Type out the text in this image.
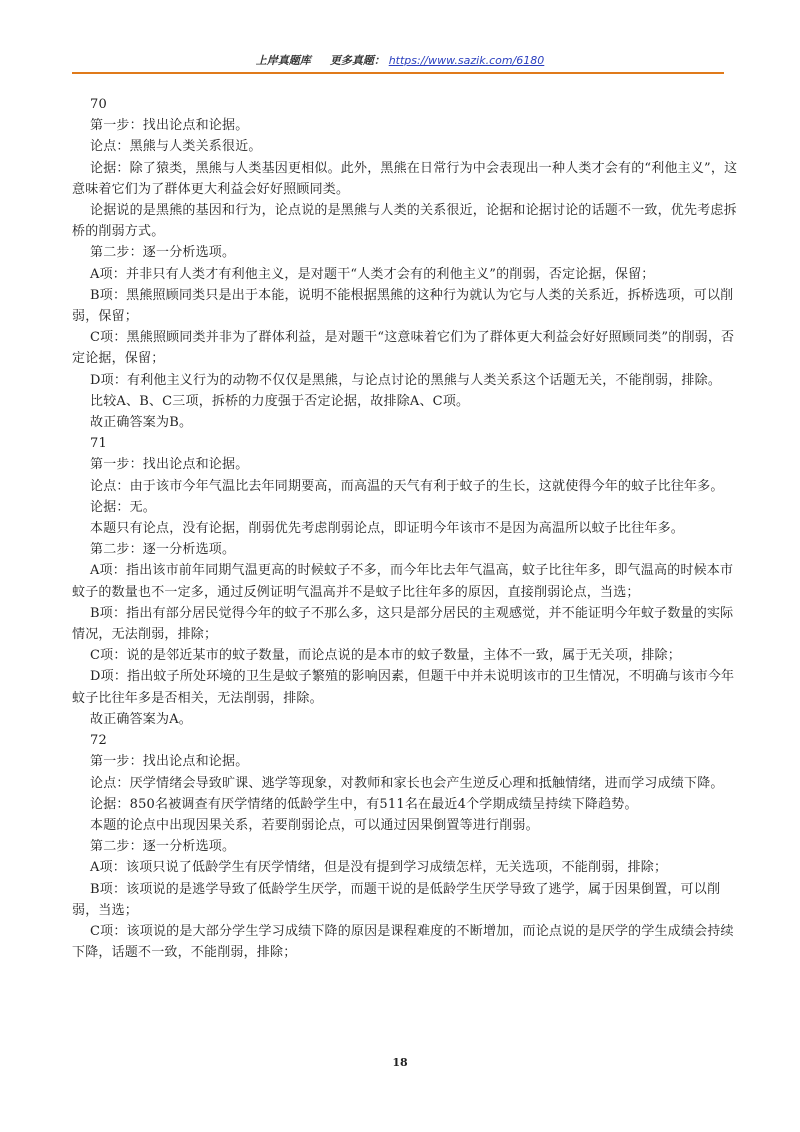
上岸真题库 更多真题： https://www.sazik.com/6180

70

第一步：找出论点和论据。

论点：黑熊与人类关系很近。

论据：除了猿类，黑熊与人类基因更相似。此外，黑熊在日常行为中会表现出一种人类才会有的“利他主义”，这意味着它们为了群体更大利益会好好照顾同类。

论据说的是黑熊的基因和行为，论点说的是黑熊与人类的关系很近，论据和论据讨论的话题不一致，优先考虑拆桥的削弱方式。

第二步：逐一分析选项。

A项：并非只有人类才有利他主义，是对题干“人类才会有的利他主义”的削弱，否定论据，保留；

B项：黑熊照顾同类只是出于本能，说明不能根据黑熊的这种行为就认为它与人类的关系近，拆桥选项，可以削弱，保留；

C项：黑熊照顾同类并非为了群体利益，是对题干“这意味着它们为了群体更大利益会好好照顾同类”的削弱，否定论据，保留；

D项：有利他主义行为的动物不仅仅是黑熊，与论点讨论的黑熊与人类关系这个话题无关，不能削弱，排除。

比较A、B、C三项，拆桥的力度强于否定论据，故排除A、C项。

故正确答案为B。

71

第一步：找出论点和论据。

论点：由于该市今年气温比去年同期要高，而高温的天气有利于蚊子的生长，这就使得今年的蚊子比往年多。

论据：无。

本题只有论点，没有论据，削弱优先考虑削弱论点，即证明今年该市不是因为高温所以蚊子比往年多。

第二步：逐一分析选项。

A项：指出该市前年同期气温更高的时候蚊子不多，而今年比去年气温高，蚊子比往年多，即气温高的时候本市蚊子的数量也不一定多，通过反例证明气温高并不是蚊子比往年多的原因，直接削弱论点，当选；

B项：指出有部分居民觉得今年的蚊子不那么多，这只是部分居民的主观感觉，并不能证明今年蚊子数量的实际情况，无法削弱，排除；

C项：说的是邻近某市的蚊子数量，而论点说的是本市的蚊子数量，主体不一致，属于无关项，排除；

D项：指出蚊子所处环境的卫生是蚊子繁殖的影响因素，但题干中并未说明该市的卫生情况，不明确与该市今年蚊子比往年多是否相关，无法削弱，排除。

故正确答案为A。

72

第一步：找出论点和论据。

论点：厌学情绪会导致旷课、逃学等现象，对教师和家长也会产生逆反心理和抵触情绪，进而学习成绩下降。

论据：850名被调查有厌学情绪的低龄学生中，有511名在最近4个学期成绩呈持续下降趋势。

本题的论点中出现因果关系，若要削弱论点，可以通过因果倒置等进行削弱。

第二步：逐一分析选项。

A项：该项只说了低龄学生有厌学情绪，但是没有提到学习成绩怎样，无关选项，不能削弱，排除；

B项：该项说的是逃学导致了低龄学生厌学，而题干说的是低龄学生厌学导致了逃学，属于因果倒置，可以削弱，当选；

C项：该项说的是大部分学生学习成绩下降的原因是课程难度的不断增加，而论点说的是厌学的学生成绩会持续下降，话题不一致，不能削弱，排除；

18
